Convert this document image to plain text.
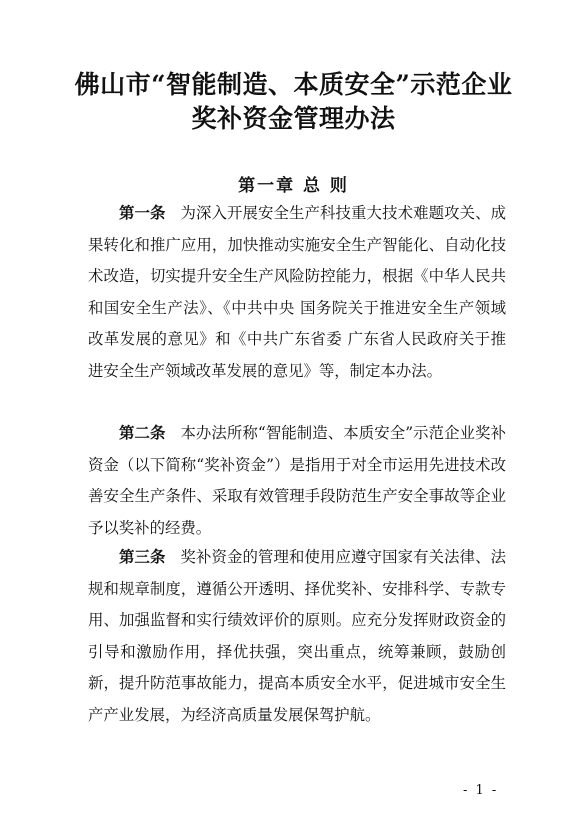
佛山市“智能制造、本质安全”示范企业
奖补资金管理办法
第一章 总 则

第一条 为深入开展安全生产科技重大技术难题攻关、成果转化和推广应用，加快推动实施安全生产智能化、自动化技术改造，切实提升安全生产风险防控能力，根据《中华人民共和国安全生产法》、《中共中央 国务院关于推进安全生产领域改革发展的意见》和《中共广东省委 广东省人民政府关于推进安全生产领域改革发展的意见》等，制定本办法。

第二条 本办法所称“智能制造、本质安全”示范企业奖补资金（以下简称“奖补资金”）是指用于对全市运用先进技术改善安全生产条件、采取有效管理手段防范生产安全事故等企业予以奖补的经费。

第三条 奖补资金的管理和使用应遵守国家有关法律、法规和规章制度，遵循公开透明、择优奖补、安排科学、专款专用、加强监督和实行绩效评价的原则。应充分发挥财政资金的引导和激励作用，择优扶强，突出重点，统筹兼顾，鼓励创新，提升防范事故能力，提高本质安全水平，促进城市安全生产产业发展，为经济高质量发展保驾护航。

- 1 -
